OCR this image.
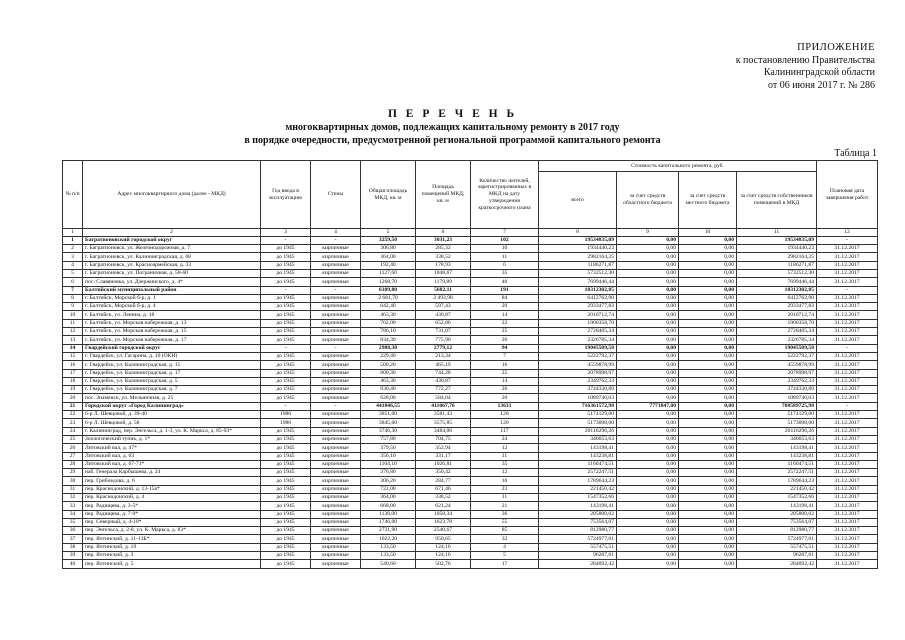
ПРИЛОЖЕНИЕ
к постановлению Правительства
Калининградской области
от 06 июня 2017 г. № 286
П Е Р Е Ч Е Н Ь
многоквартирных домов, подлежащих капитальному ремонту в 2017 году
в порядке очередности, предусмотренной региональной программой капитального ремонта
Таблица 1
№ п/п	Адрес многоквартирного дома (далее - МКД)	Год ввода в эксплуатацию	Стены	Общая площадь МКД, кв. м	Площадь помещений МКД, кв. м	Количество жителей, зарегистрированных в МКД на дату утверждения краткосрочного плана	Стоимость капитального ремонта, руб.				Плановая дата завершения работ
							всего	за счет средств областного бюджета	за счет средств местного бюджета	за счет средств собственников помещений в МКД	
1	2	3	4	5	6	7	8	9	10	11	12
1	Багратионовский городской округ	-	-	3259,50	3031,23	102	19534835,09	0,00	0,00	19534835,09	-
2	г. Багратионовск, ул. Железнодорожная, д. 7	до 1945	кирпичные	306,80	285,32	10	1934440,23	0,00	0,00	1934440,23	31.12.2017
3	г. Багратионовск, ул. Калининградская, д. 68	до 1945	кирпичные	364,00	338,52	11	2982164,25	0,00	0,00	2982164,25	31.12.2017
4	г. Багратионовск, ул. Красноармейская, д. 33	до 1945	кирпичные	192,40	178,93	6	1186271,87	0,00	0,00	1186271,87	31.12.2017
5	г. Багратионовск, ул. Пограничная, д. 58-60	до 1945	кирпичные	1127,60	1048,67	35	5732512,30	0,00	0,00	5732512,30	31.12.2017
6	пос. Славяновка, ул. Дзержинского, д. 4*	до 1945	кирпичные	1268,70	1179,89	40	7699446,44	0,00	0,00	7699446,44	31.12.2017
7	Балтийский муниципальный район	-	-	6109,80	5682,11	191	18312302,85	0,00	0,00	18312302,85	-
8	г. Балтийск, Морской б-р, д. 1	до 1945	кирпичные	2 681,70	2 493,98	84	6412762,90	0,00	0,00	6412762,90	31.12.2017
9	г. Балтийск, Морской б-р, д. 4	до 1945	кирпичные	642,40	597,43	20	2933477,83	0,00	0,00	2933477,83	31.12.2017
10	г. Балтийск, ул. Ленина, д. 18	до 1945	кирпичные	463,30	430,87	14	2010712,74	0,00	0,00	2010712,74	31.12.2017
11	г. Балтийск, ул. Морская набережная, д. 13	до 1945	кирпичные	702,00	652,86	22	1900358,70	0,00	0,00	1900358,70	31.12.2017
12	г. Балтийск, ул. Морская набережная, д. 15	до 1945	кирпичные	786,10	731,07	25	2728405,34	0,00	0,00	2728405,34	31.12.2017
13	г. Балтийск, ул. Морская набережная, д. 17	до 1945	кирпичные	834,30	775,90	26	2326785,34	0,00	0,00	2326785,34	31.12.2017
14	Гвардейский городской округ	-	-	2988,30	2779,12	94	19045509,58	0,00	0,00	19045509,58	-
15	г. Гвардейск, ул. Гагарина, д. 10 (ОКН)	до 1945	кирпичные	229,40	213,34	7	5222792,37	0,00	0,00	5222792,37	31.12.2017
16	г. Гвардейск, ул. Калининградская, д. 15	до 1945	кирпичные	500,20	465,19	16	4559878,99	0,00	0,00	4559878,99	31.12.2017
17	г. Гвардейск, ул. Калининградская, д. 17	до 1945	кирпичные	800,30	744,28	25	2078998,97	0,00	0,00	2078998,97	31.12.2017
18	г. Гвардейск, ул. Калининградская, д. 5	до 1945	кирпичные	463,30	430,87	14	2349762,33	0,00	0,00	2349762,33	31.12.2017
19	г. Гвардейск, ул. Калининградская, д. 7	до 1945	кирпичные	830,40	772,27	26	3744330,89	0,00	0,00	3744330,89	31.12.2017
20	пос. Знаменск, ул. Мельничная, д. 25	до 1945	кирпичные	628,00	584,04	20	1089746,03	0,00	0,00	1089746,03	31.12.2017
21	Городской округ «Город Калининград»	-	-	441846,55	411067,76	13631	716361572,98	7771847,00	0,00	708589725,98	-
22	6-р Л. Шевцовой, д. 39-40	1986	кирпичные	3851,00	3581,43	120	5174129,00	0,00	0,00	5174129,00	31.12.2017
23	6-р Л. Шевцовой, д. 58	1986	кирпичные	3845,00	3575,85	120	5173098,00	0,00	0,00	5173098,00	31.12.2017
24	г. Калининград, пер. Энгельса, д. 1-3, ул. К. Маркса, д. 85-93*	до 1945	кирпичные	3746,30	3484,06	117	20116296,26	0,00	0,00	20116296,26	31.12.2017
25	Зоологический тупик, д. 1*	до 1945	кирпичные	757,80	704,75	24	346653,63	0,00	0,00	346653,63	31.12.2017
26	Литовский вал, д. 47*	до 1945	кирпичные	379,50	352,94	12	143198,41	0,00	0,00	143198,41	31.12.2017
27	Литовский вал, д. 63	до 1945	кирпичные	356,10	331,17	11	143238,81	0,00	0,00	143238,81	31.12.2017
28	Литовский вал, д. 67-71*	до 1945	кирпичные	1104,10	1026,81	35	1160474,51	0,00	0,00	1160474,51	31.12.2017
29	наб. Генерала Карбышева, д. 24	до 1945	кирпичные	376,80	350,42	12	2572247,51	0,00	0,00	2572247,51	31.12.2017
30	пер. Грибоедова, д. 6	до 1945	кирпичные	306,20	284,77	10	1789644,23	0,00	0,00	1789644,23	31.12.2017
31	пер. Краснодонский, д. 13-15а*	до 1945	кирпичные	722,00	671,46	23	221450,42	0,00	0,00	221450,42	31.12.2017
32	пер. Краснодонский, д. 4	до 1945	кирпичные	364,00	338,52	11	1547352,66	0,00	0,00	1547352,66	31.12.2017
33	пер. Радищева, д. 3-5*	до 1945	кирпичные	668,00	621,24	21	143198,41	0,00	0,00	143198,41	31.12.2017
34	пер. Радищева, д. 7-9*	до 1945	кирпичные	1138,00	1058,34	36	205800,02	0,00	0,00	205800,02	31.12.2017
35	пер. Северный, д. 4-10*	до 1945	кирпичные	1746,00	1623,78	55	753564,07	0,00	0,00	753564,07	31.12.2017
36	пер. Энгельса, д. 2-8, ул. К. Маркса, д. 83*	до 1945	кирпичные	2731,90	2540,67	85	812980,77	0,00	0,00	812980,77	31.12.2017
37	пер. Ялтинский, д. 11-13Б*	до 1945	кирпичные	1022,20	950,65	32	5724977,01	0,00	0,00	5724977,01	31.12.2017
38	пер. Ялтинский, д. 19	до 1945	кирпичные	133,50	124,16	4	557475,51	0,00	0,00	557475,51	31.12.2017
39	пер. Ялтинский, д. 3	до 1945	кирпичные	133,50	124,16	5	96287,61	0,00	0,00	96287,61	31.12.2017
40	пер. Ялтинский, д. 5	до 1945	кирпичные	540,60	502,76	17	284092,42	0,00	0,00	284092,42	31.12.2017
